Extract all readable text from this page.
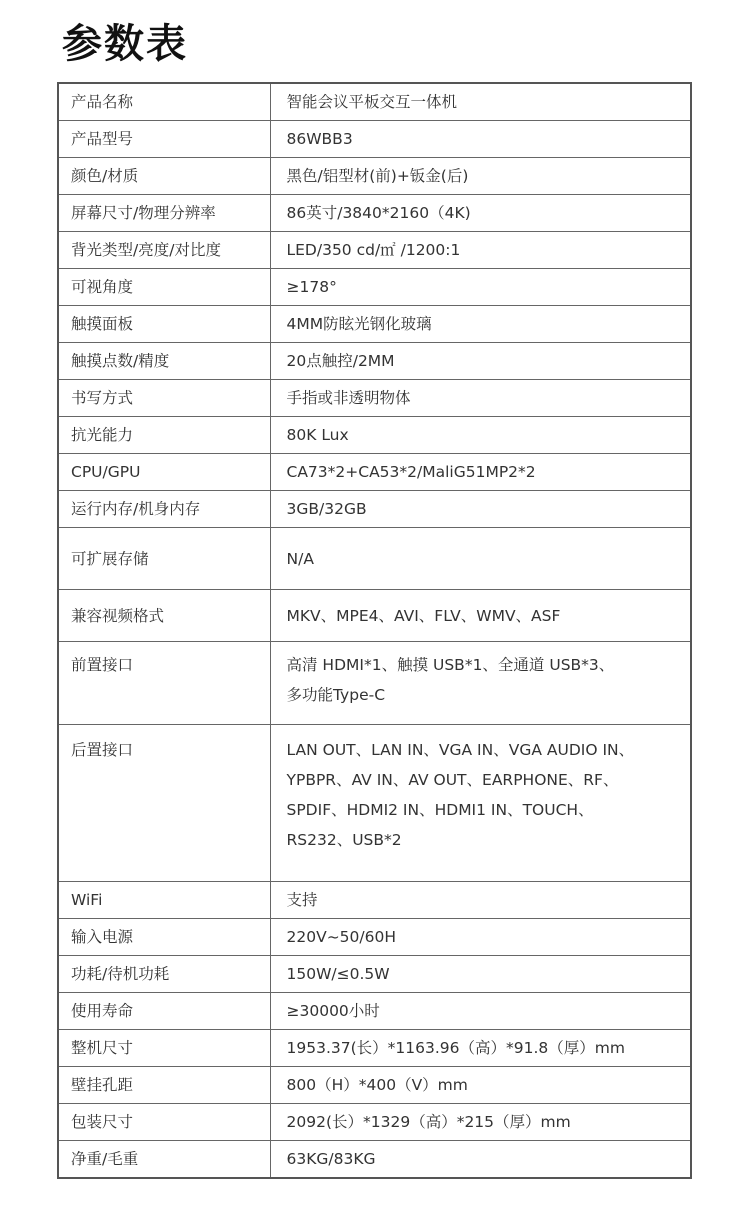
参数表
产品名称	智能会议平板交互一体机
产品型号	86WBB3
颜色/材质	黑色/铝型材(前)+钣金(后)
屏幕尺寸/物理分辨率	86英寸/3840*2160（4K)
背光类型/亮度/对比度	LED/350 cd/㎡ /1200:1
可视角度	≥178°
触摸面板	4MM防眩光钢化玻璃
触摸点数/精度	20点触控/2MM
书写方式	手指或非透明物体
抗光能力	80K Lux
CPU/GPU	CA73*2+CA53*2/MaliG51MP2*2
运行内存/机身内存	3GB/32GB
可扩展存储	N/A
兼容视频格式	MKV、MPE4、AVI、FLV、WMV、ASF
前置接口	高清 HDMI*1、触摸 USB*1、全通道 USB*3、
多功能Type-C

后置接口	LAN OUT、LAN IN、VGA IN、VGA AUDIO IN、
YPBPR、AV IN、AV OUT、EARPHONE、RF、
SPDIF、HDMI2 IN、HDMI1 IN、TOUCH、
RS232、USB*2

WiFi	支持
输入电源	220V~50/60H
功耗/待机功耗	150W/≤0.5W
使用寿命	≥30000小时
整机尺寸	1953.37(长）*1163.96（高）*91.8（厚）mm
壁挂孔距	800（H）*400（V）mm
包装尺寸	2092(长）*1329（高）*215（厚）mm
净重/毛重	63KG/83KG
